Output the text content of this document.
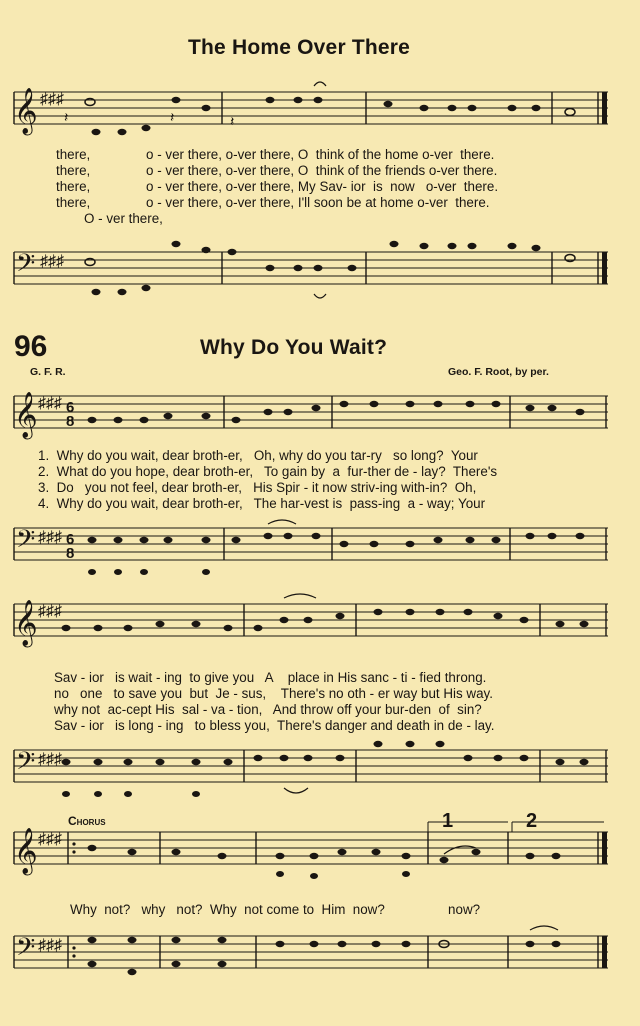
The Home Over There
𝄞 ♯♯♯
𝄽	𝄽	𝄽
there,               o - ver there, o-ver there, O  think of the home o-ver  there.
there,               o - ver there, o-ver there, O  think of the friends o-ver there.
there,               o - ver there, o-ver there, My Sav- ior  is  now   o-ver  there.
there,               o - ver there, o-ver there, I'll soon be at home o-ver  there.
O - ver there,
𝄢 ♯♯♯
96	Why Do You Wait?
G. F. R.	Geo. F. Root, by per.
𝄞 ♯♯♯ 6
8
1.  Why do you wait, dear broth-er,   Oh, why do you tar-ry   so long?  Your
2.  What do you hope, dear broth-er,   To gain by  a  fur-ther de - lay?  There's
3.  Do   you not feel, dear broth-er,   His Spir - it now striv-ing with-in?  Oh,
4.  Why do you wait, dear broth-er,   The har-vest is  pass-ing  a - way; Your
𝄢 ♯♯♯ 6
8
𝄞 ♯♯♯
Sav - ior   is wait - ing  to give you   A    place in His sanc - ti - fied throng.
no   one   to save you  but  Je - sus,    There's no oth - er way but His way.
why not  ac-cept His  sal - va - tion,   And throw off your bur-den  of  sin?
Sav - ior   is long - ing   to bless you,  There's danger and death in de - lay.
𝄢 ♯♯♯
Chorus	1	2
𝄞 ♯♯♯
Why  not?   why   not?  Why  not come to  Him  now?                 now?
𝄢 ♯♯♯
